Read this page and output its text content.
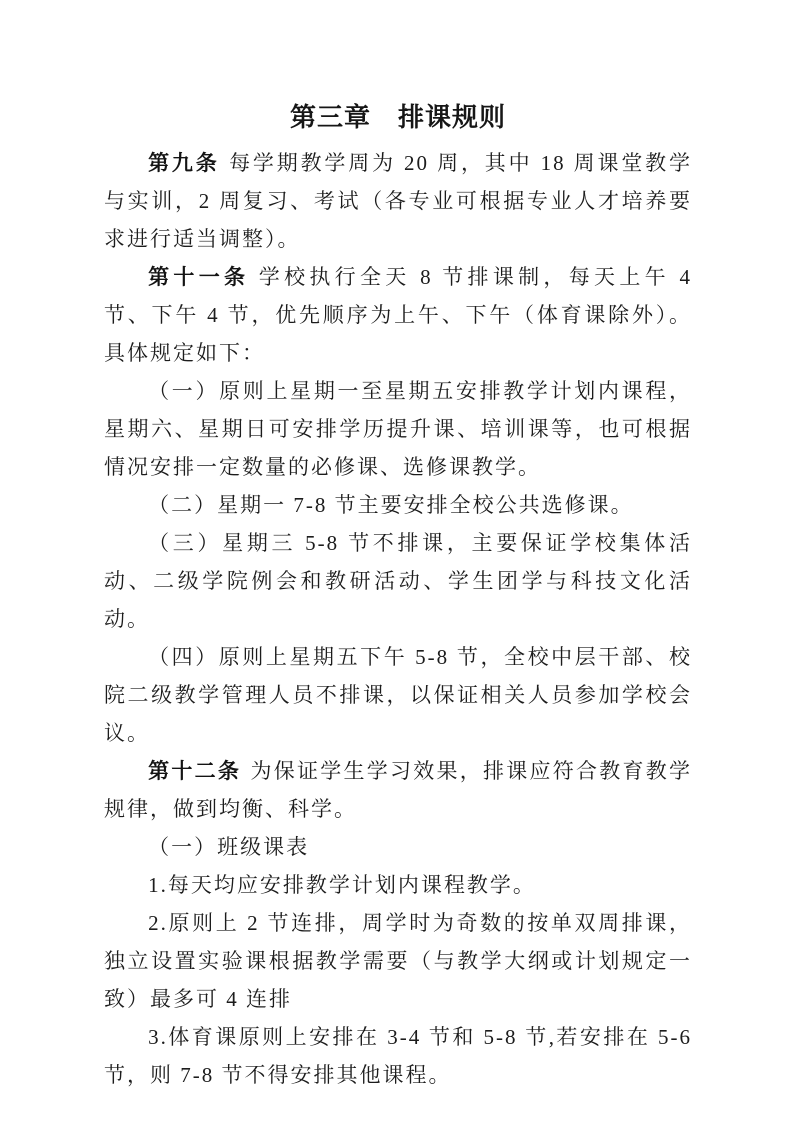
第三章　排课规则

第九条 每学期教学周为 20 周，其中 18 周课堂教学与实训，2 周复习、考试（各专业可根据专业人才培养要求进行适当调整）。

第十一条 学校执行全天 8 节排课制，每天上午 4 节、下午 4 节，优先顺序为上午、下午（体育课除外）。具体规定如下：

（一）原则上星期一至星期五安排教学计划内课程，星期六、星期日可安排学历提升课、培训课等，也可根据情况安排一定数量的必修课、选修课教学。

（二）星期一 7-8 节主要安排全校公共选修课。

（三）星期三 5-8 节不排课，主要保证学校集体活动、二级学院例会和教研活动、学生团学与科技文化活动。

（四）原则上星期五下午 5-8 节，全校中层干部、校院二级教学管理人员不排课，以保证相关人员参加学校会议。

第十二条 为保证学生学习效果，排课应符合教育教学规律，做到均衡、科学。

（一）班级课表

1.每天均应安排教学计划内课程教学。

2.原则上 2 节连排，周学时为奇数的按单双周排课，独立设置实验课根据教学需要（与教学大纲或计划规定一致）最多可 4 连排

3.体育课原则上安排在 3-4 节和 5-8 节,若安排在 5-6 节，则 7-8 节不得安排其他课程。
